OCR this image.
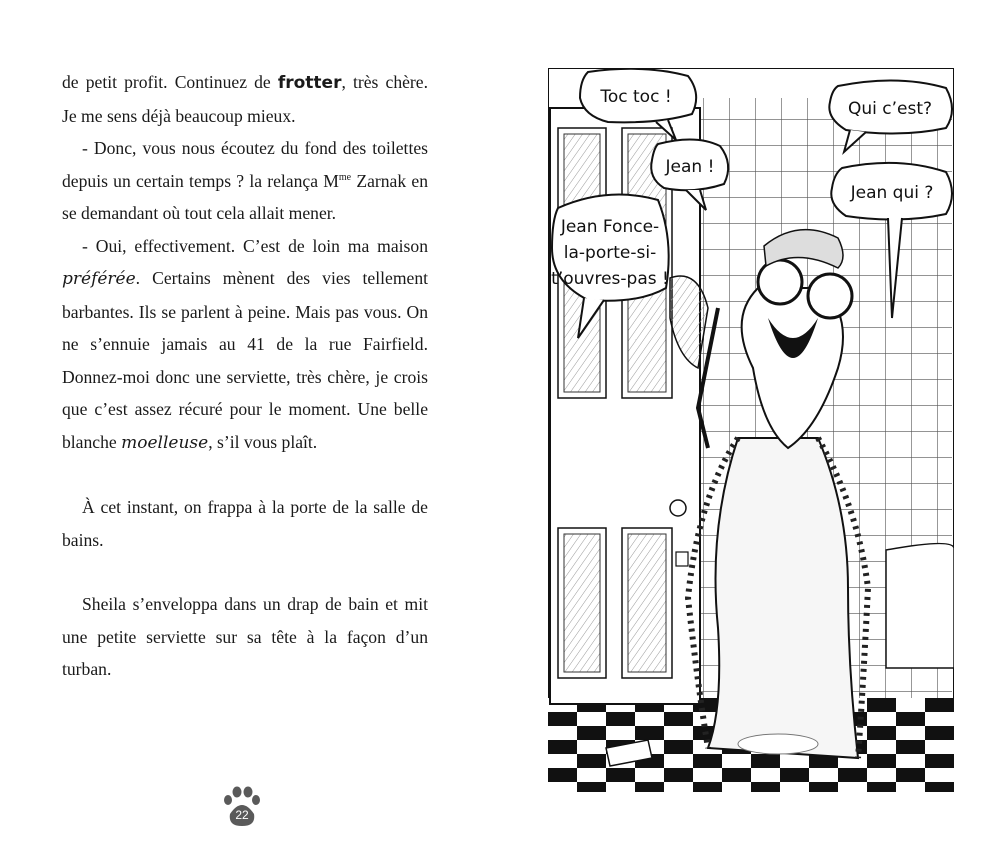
de petit profit. Continuez de frotter, très chère. Je me sens déjà beaucoup mieux.

- Donc, vous nous écoutez du fond des toilettes depuis un certain temps ? la relança $M^{me}$ Zarnak en se demandant où tout cela allait mener.

- Oui, effectivement. C’est de loin ma maison préférée. Certains mènent des vies tellement barbantes. Ils se parlent à peine. Mais pas vous. On ne s’ennuie jamais au 41 de la rue Fairfield. Donnez-moi donc une serviette, très chère, je crois que c’est assez récuré pour le moment. Une belle blanche moelleuse, s’il vous plaît.

À cet instant, on frappa à la porte de la salle de bains.

Sheila s’enveloppa dans un drap de bain et mit une petite serviette sur sa tête à la façon d’un turban.

22
Toc toc !
Jean !
Jean Fonce-
la-porte-si-
t’ouvres-pas !
Qui c’est?
Jean qui ?
